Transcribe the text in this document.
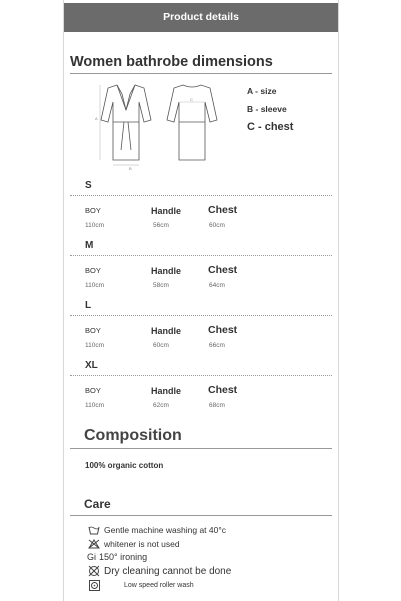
Product details
Women bathrobe dimensions
A
B
C
A - size
B - sleeve
C - chest
S
BOY	Handle	Chest
110cm	56cm	60cm
M
BOY	Handle	Chest
110cm	58cm	64cm
L
BOY	Handle	Chest
110cm	60cm	66cm
XL
BOY	Handle	Chest
110cm	62cm	68cm
Composition
100% organic cotton
Care
Gentle machine washing at 40°c
whitener is not used
Gi 150° ironing
Dry cleaning cannot be done
Low speed roller wash
